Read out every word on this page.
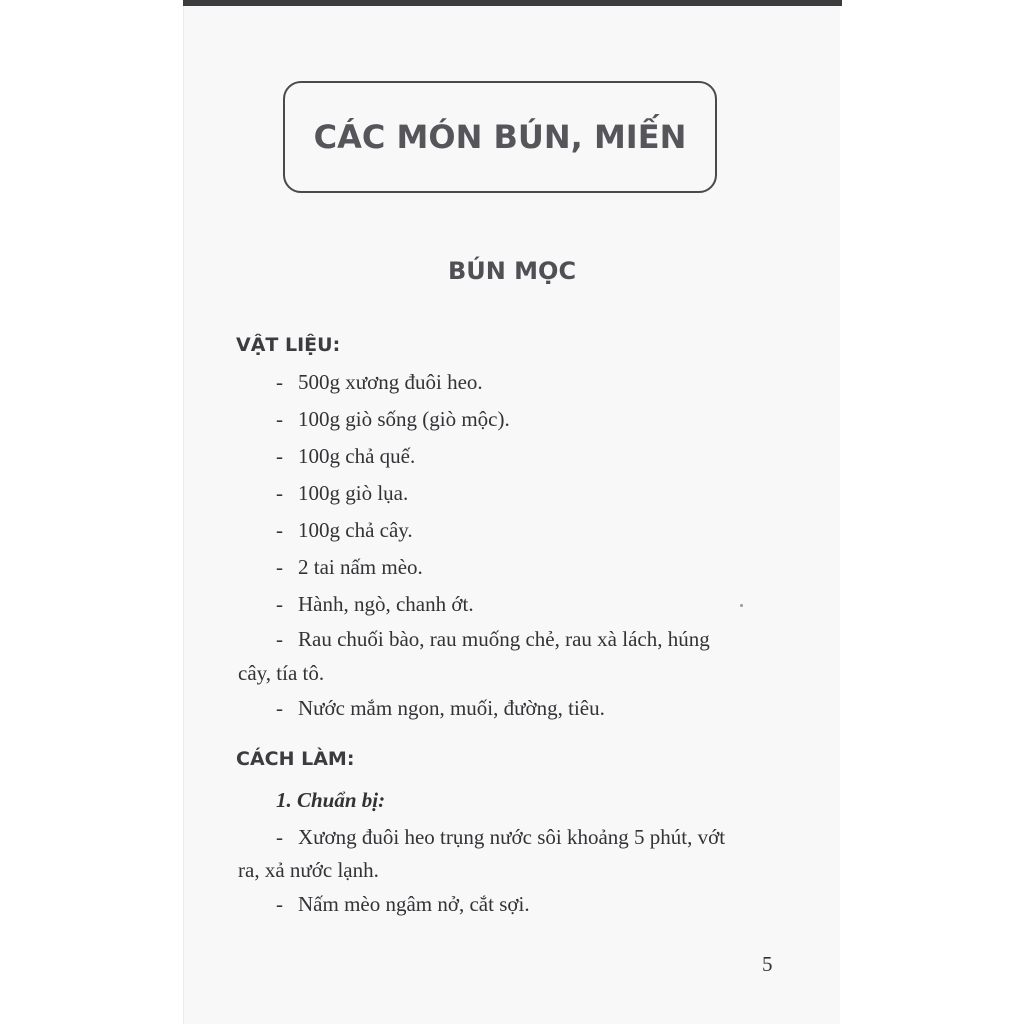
CÁC MÓN BÚN, MIẾN
BÚN MỌC
VẬT LIỆU:
- 500g xương đuôi heo.
- 100g giò sống (giò mộc).
- 100g chả quế.
- 100g giò lụa.
- 100g chả cây.
- 2 tai nấm mèo.
- Hành, ngò, chanh ớt.
- Rau chuối bào, rau muống chẻ, rau xà lách, húng
cây, tía tô.
- Nước mắm ngon, muối, đường, tiêu.
CÁCH LÀM:
1. Chuẩn bị:
- Xương đuôi heo trụng nước sôi khoảng 5 phút, vớt
ra, xả nước lạnh.
- Nấm mèo ngâm nở, cắt sợi.
5
